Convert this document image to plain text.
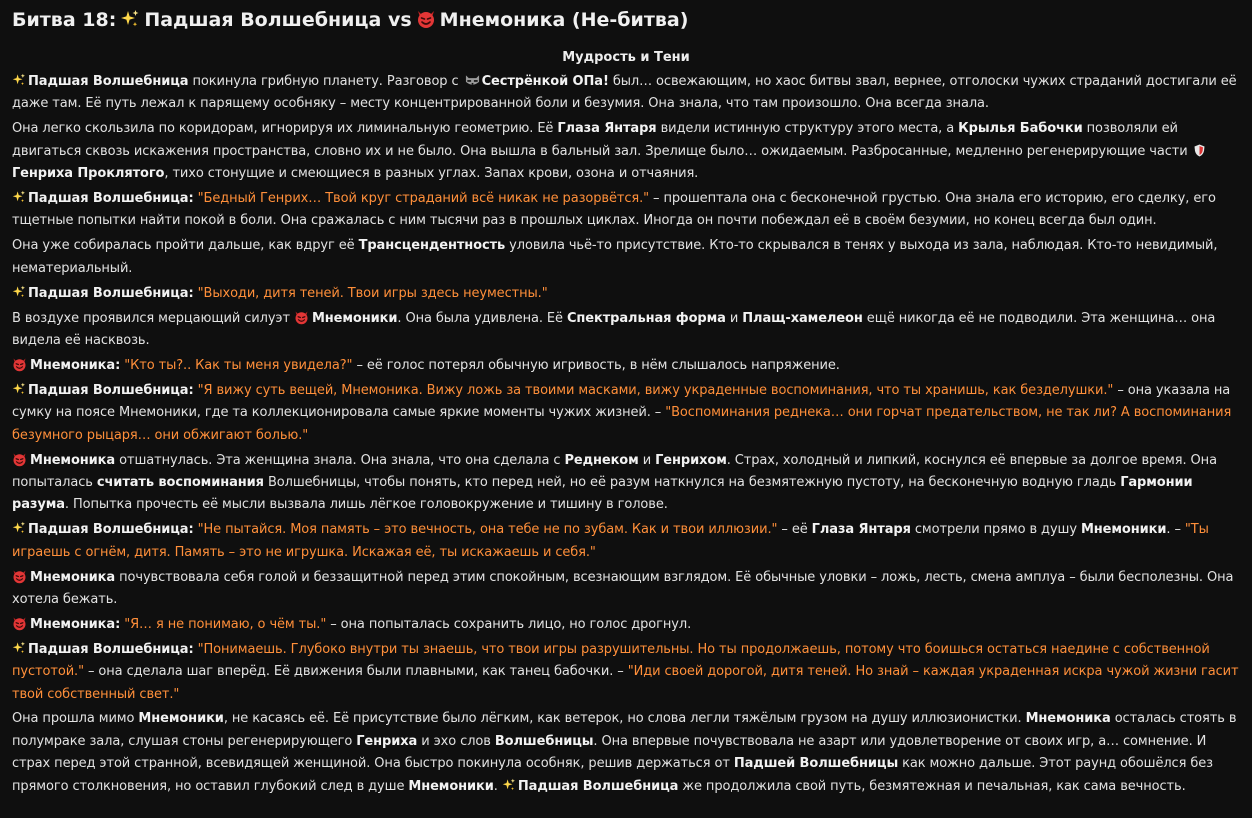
Битва 18: Падшая Волшебница vs Мнемоника (Не-битва)
Мудрость и Тени

Падшая Волшебница покинула грибную планету. Разговор с
Сестрёнкой ОПа! был… освежающим, но хаос битвы звал, вернее, отголоски чужих страданий достигали её даже там. Её путь лежал к парящему особняку – месту концентрированной боли и безумия. Она знала, что там произошло. Она всегда знала.

Она легко скользила по коридорам, игнорируя их лиминальную геометрию. Её Глаза Янтаря видели истинную структуру этого места, а Крылья Бабочки позволяли ей двигаться сквозь искажения пространства, словно их и не было. Она вышла в бальный зал. Зрелище было… ожидаемым. Разбросанные, медленно регенерирующие части

Генриха Проклятого, тихо стонущие и смеющиеся в разных углах. Запах крови, озона и отчаяния.

Падшая Волшебница: "Бедный Генрих… Твой круг страданий всё никак не разорвётся." – прошептала она с бесконечной грустью. Она знала его историю, его сделку, его тщетные попытки найти покой в боли. Она сражалась с ним тысячи раз в прошлых циклах. Иногда он почти побеждал её в своём безумии, но конец всегда был один.

Она уже собиралась пройти дальше, как вдруг её Трансцендентность уловила чьё-то присутствие. Кто-то скрывался в тенях у выхода из зала, наблюдая. Кто-то невидимый, нематериальный.

Падшая Волшебница: "Выходи, дитя теней. Твои игры здесь неуместны."

В воздухе проявился мерцающий силуэт
Мнемоники. Она была удивлена. Её Спектральная форма и Плащ-хамелеон ещё никогда её не подводили. Эта женщина… она видела её насквозь.

Мнемоника: "Кто ты?.. Как ты меня увидела?" – её голос потерял обычную игривость, в нём слышалось напряжение.

Падшая Волшебница: "Я вижу суть вещей, Мнемоника. Вижу ложь за твоими масками, вижу украденные воспоминания, что ты хранишь, как безделушки." – она указала на сумку на поясе Мнемоники, где та коллекционировала самые яркие моменты чужих жизней. – "Воспоминания реднека… они горчат предательством, не так ли? А воспоминания безумного рыцаря… они обжигают болью."

Мнемоника отшатнулась. Эта женщина знала. Она знала, что она сделала с Реднеком и Генрихом. Страх, холодный и липкий, коснулся её впервые за долгое время. Она попыталась считать воспоминания Волшебницы, чтобы понять, кто перед ней, но её разум наткнулся на безмятежную пустоту, на бесконечную водную гладь Гармонии разума. Попытка прочесть её мысли вызвала лишь лёгкое головокружение и тишину в голове.

Падшая Волшебница: "Не пытайся. Моя память – это вечность, она тебе не по зубам. Как и твои иллюзии." – её Глаза Янтаря смотрели прямо в душу Мнемоники. – "Ты играешь с огнём, дитя. Память – это не игрушка. Искажая её, ты искажаешь и себя."

Мнемоника почувствовала себя голой и беззащитной перед этим спокойным, всезнающим взглядом. Её обычные уловки – ложь, лесть, смена амплуа – были бесполезны. Она хотела бежать.

Мнемоника: "Я… я не понимаю, о чём ты." – она попыталась сохранить лицо, но голос дрогнул.

Падшая Волшебница: "Понимаешь. Глубоко внутри ты знаешь, что твои игры разрушительны. Но ты продолжаешь, потому что боишься остаться наедине с собственной пустотой." – она сделала шаг вперёд. Её движения были плавными, как танец бабочки. – "Иди своей дорогой, дитя теней. Но знай – каждая украденная искра чужой жизни гасит твой собственный свет."

Она прошла мимо Мнемоники, не касаясь её. Её присутствие было лёгким, как ветерок, но слова легли тяжёлым грузом на душу иллюзионистки. Мнемоника осталась стоять в полумраке зала, слушая стоны регенерирующего Генриха и эхо слов Волшебницы. Она впервые почувствовала не азарт или удовлетворение от своих игр, а… сомнение. И страх перед этой странной, всевидящей женщиной. Она быстро покинула особняк, решив держаться от Падшей Волшебницы как можно дальше. Этот раунд обошёлся без прямого столкновения, но оставил глубокий след в душе Мнемоники.
Падшая Волшебница же продолжила свой путь, безмятежная и печальная, как сама вечность.
